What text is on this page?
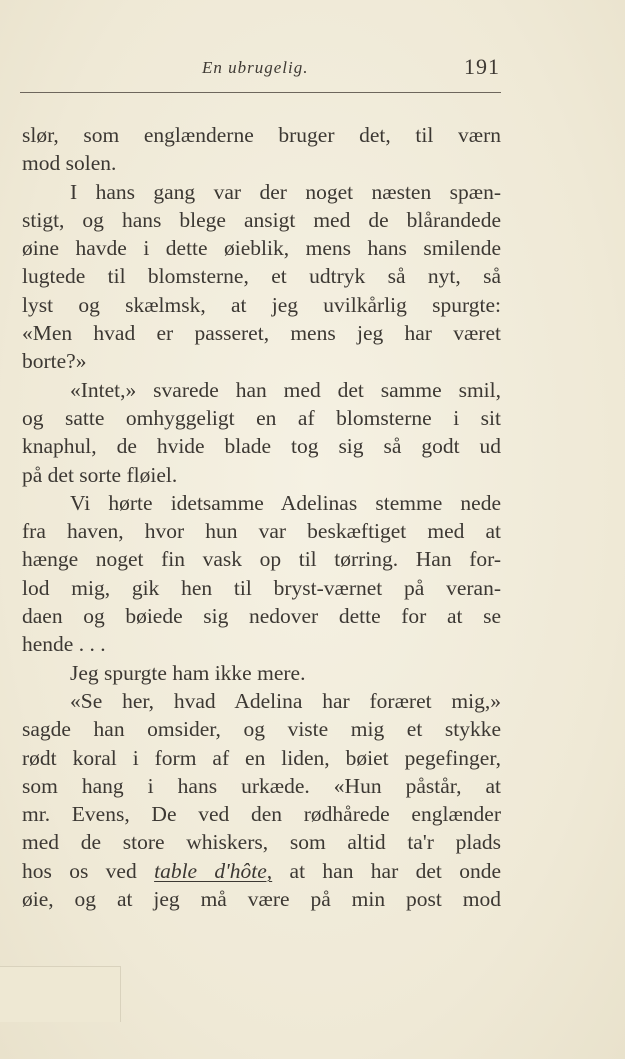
En ubrugelig.	191
slør, som englænderne bruger det, til værn
mod solen.
I hans gang var der noget næsten spæn-
stigt, og hans blege ansigt med de blårandede
øine havde i dette øieblik, mens hans smilende
lugtede til blomsterne, et udtryk så nyt, så
lyst og skælmsk, at jeg uvilkårlig spurgte:
«Men hvad er passeret, mens jeg har været
borte?»
«Intet,» svarede han med det samme smil,
og satte omhyggeligt en af blomsterne i sit
knaphul, de hvide blade tog sig så godt ud
på det sorte fløiel.
Vi hørte idetsamme Adelinas stemme nede
fra haven, hvor hun var beskæftiget med at
hænge noget fin vask op til tørring. Han for-
lod mig, gik hen til bryst-værnet på veran-
daen og bøiede sig nedover dette for at se
hende . . .
Jeg spurgte ham ikke mere.
«Se her, hvad Adelina har foræret mig,»
sagde han omsider, og viste mig et stykke
rødt koral i form af en liden, bøiet pegefinger,
som hang i hans urkæde. «Hun påstår, at
mr. Evens, De ved den rødhårede englænder
med de store whiskers, som altid ta'r plads
hos os ved table d'hôte, at han har det onde
øie, og at jeg må være på min post mod
